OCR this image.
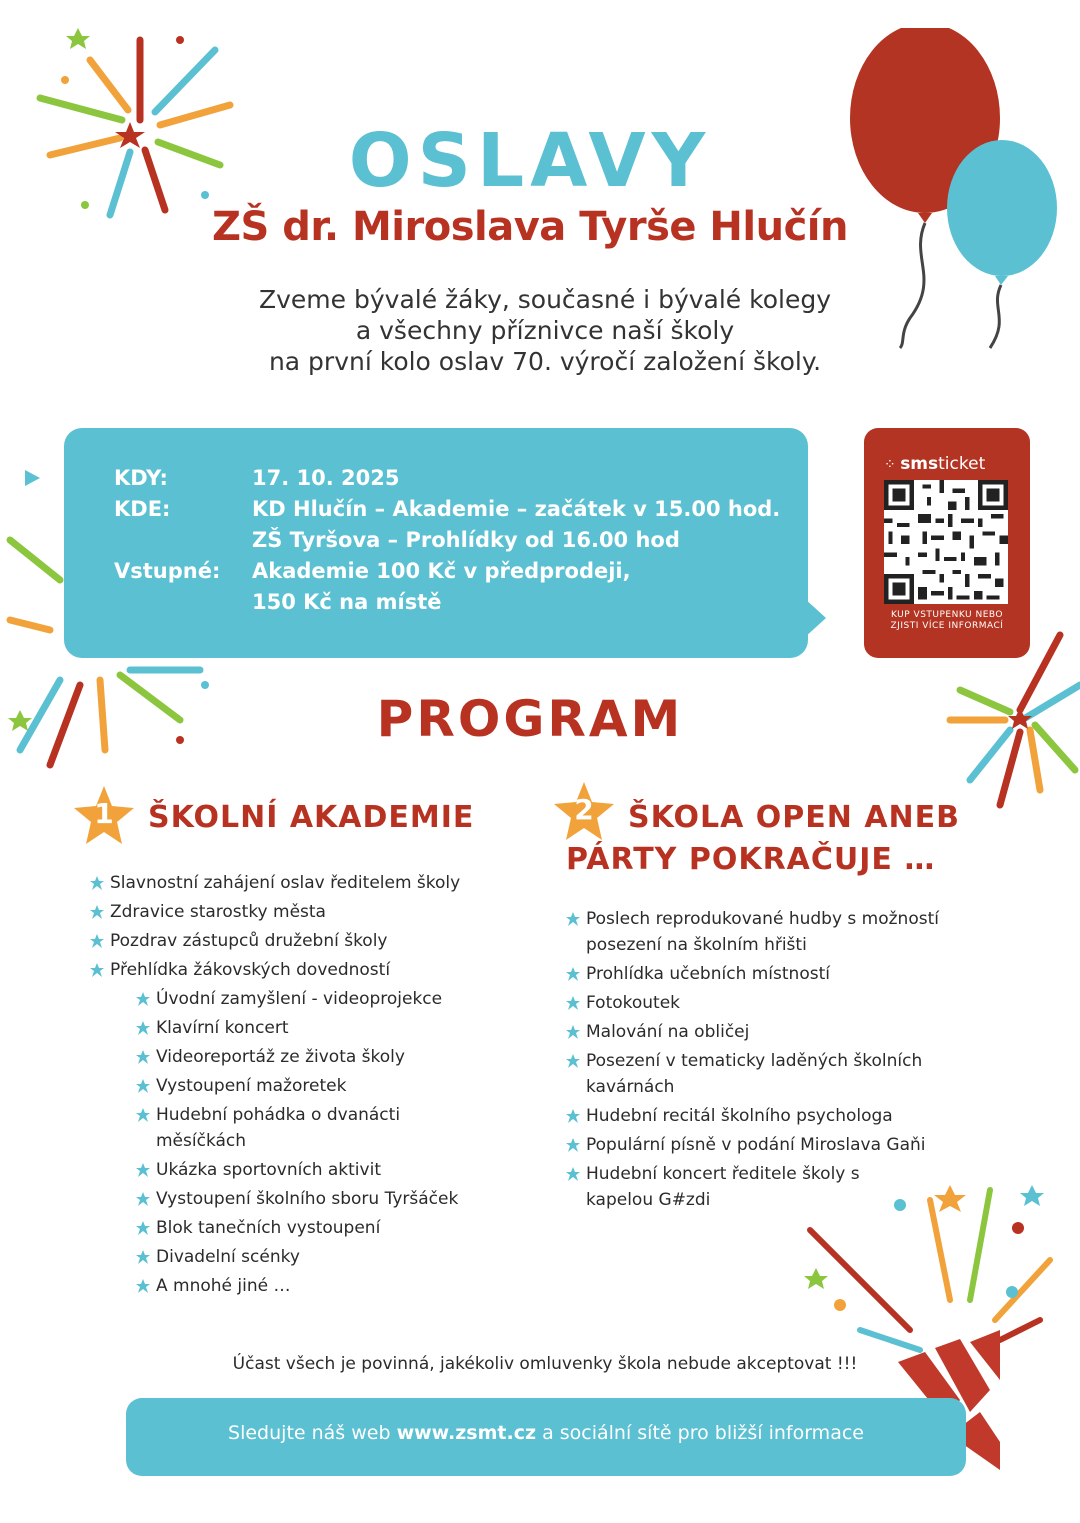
OSLAVY
ZŠ dr. Miroslava Tyrše Hlučín
Zveme bývalé žáky, současné i bývalé kolegy
a všechny příznivce naší školy
na první kolo oslav 70. výročí založení školy.
KDY:	17. 10. 2025
KDE:	KD Hlučín – Akademie – začátek v 15.00 hod.
ZŠ Tyršova – Prohlídky od 16.00 hod
Vstupné: Akademie 100 Kč v předprodeji,
150 Kč na místě
⁘ smsticket
KUP VSTUPENKU NEBO
ZJISTI VÍCE INFORMACÍ
PROGRAM
1	ŠKOLNÍ AKADEMIE
Slavnostní zahájení oslav ředitelem školy
Zdravice starostky města
Pozdrav zástupců družební školy
Přehlídka žákovských dovedností
Úvodní zamyšlení - videoprojekce
Klavírní koncert
Videoreportáž ze života školy
Vystoupení mažoretek
Hudební pohádka o dvanácti měsíčkách
Ukázka sportovních aktivit
Vystoupení školního sboru Tyršáček
Blok tanečních vystoupení
Divadelní scénky
A mnohé jiné …
2	ŠKOLA OPEN ANEB
PÁRTY POKRAČUJE …
Poslech reprodukované hudby s možností posezení na školním hřišti
Prohlídka učebních místností
Fotokoutek
Malování na obličej
Posezení v tematicky laděných školních kavárnách
Hudební recitál školního psychologa
Populární písně v podání Miroslava Gaňi
Hudební koncert ředitele školy s kapelou G#zdi
Účast všech je povinná, jakékoliv omluvenky škola nebude akceptovat !!!
Sledujte náš web www.zsmt.cz a sociální sítě pro bližší informace
